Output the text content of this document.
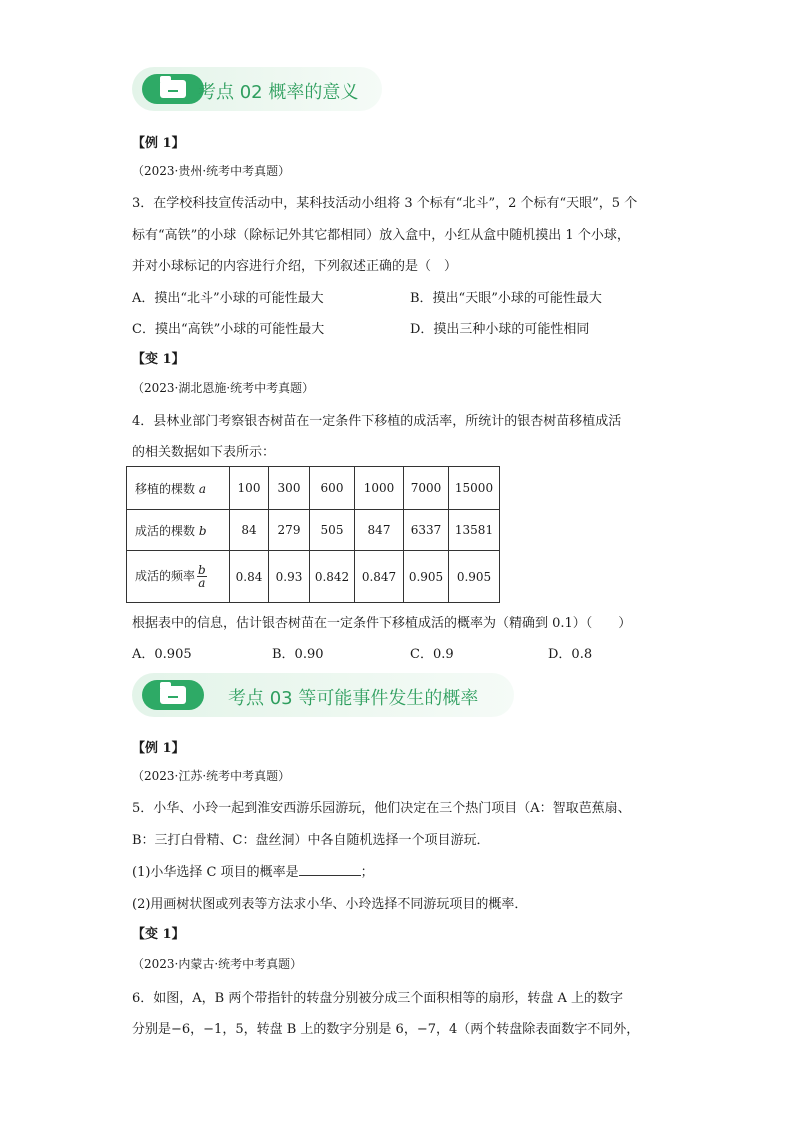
考点 02 概率的意义
【例 1】
（2023·贵州·统考中考真题）
3．在学校科技宣传活动中，某科技活动小组将 3 个标有“北斗”，2 个标有“天眼”，5 个
标有“高铁”的小球（除标记外其它都相同）放入盒中，小红从盒中随机摸出 1 个小球，
并对小球标记的内容进行介绍，下列叙述正确的是（　）
A．摸出“北斗”小球的可能性最大	B．摸出“天眼”小球的可能性最大
C．摸出“高铁”小球的可能性最大	D．摸出三种小球的可能性相同
【变 1】
（2023·湖北恩施·统考中考真题）
4．县林业部门考察银杏树苗在一定条件下移植的成活率，所统计的银杏树苗移植成活
的相关数据如下表所示：
移植的棵数 a	100	300	600	1000	7000	15000
成活的棵数 b	84	279	505	847	6337	13581
成活的频率 $\frac{b}{a}$	0.84	0.93	0.842	0.847	0.905	0.905
根据表中的信息，估计银杏树苗在一定条件下移植成活的概率为（精确到 0.1）（　　）
A．0.905	B．0.90	C．0.9	D．0.8
考点 03 等可能事件发生的概率
【例 1】
（2023·江苏·统考中考真题）
5．小华、小玲一起到淮安西游乐园游玩，他们决定在三个热门项目（A：智取芭蕉扇、
B：三打白骨精、C：盘丝洞）中各自随机选择一个项目游玩．
(1)小华选择 C 项目的概率是	；
(2)用画树状图或列表等方法求小华、小玲选择不同游玩项目的概率．
【变 1】
（2023·内蒙古·统考中考真题）
6．如图，A，B 两个带指针的转盘分别被分成三个面积相等的扇形，转盘 A 上的数字
分别是−6，−1，5，转盘 B 上的数字分别是 6，−7，4（两个转盘除表面数字不同外，
